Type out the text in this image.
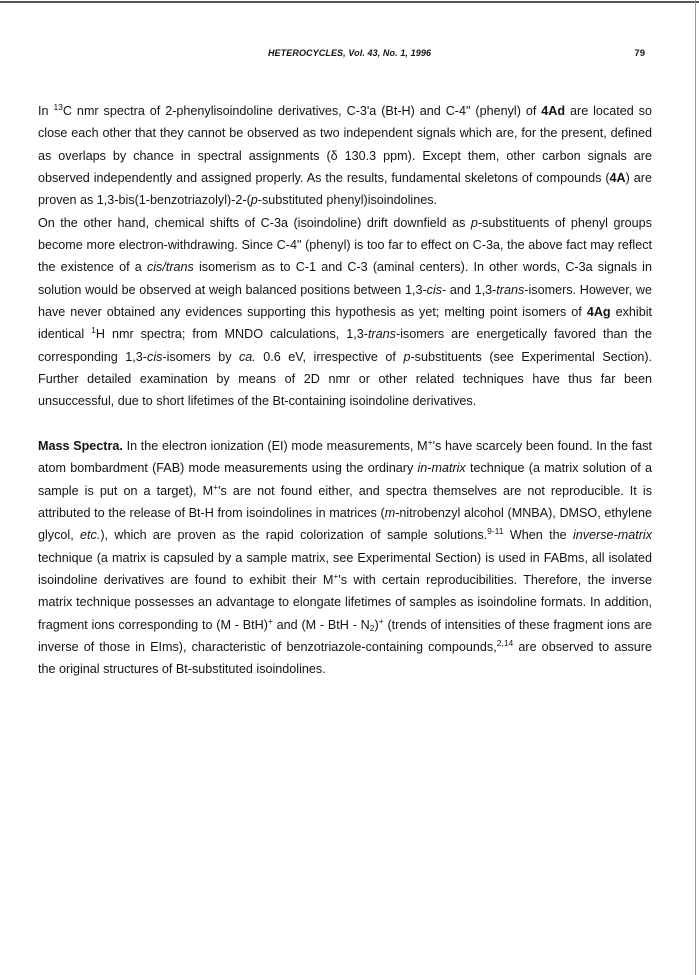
HETEROCYCLES, Vol. 43, No. 1, 1996	79

In $^{13}$C nmr spectra of 2-phenylisoindoline derivatives, C-3'a (Bt-H) and C-4" (phenyl) of 4Ad are located so close each other that they cannot be observed as two independent signals which are, for the present, defined as overlaps by chance in spectral assignments (δ 130.3 ppm). Except them, other carbon signals are observed independently and assigned properly. As the results, fundamental skeletons of compounds (4A) are proven as 1,3-bis(1-benzotriazolyl)-2-(p-substituted phenyl)isoindolines.

On the other hand, chemical shifts of C-3a (isoindoline) drift downfield as p-substituents of phenyl groups become more electron-withdrawing. Since C-4" (phenyl) is too far to effect on C-3a, the above fact may reflect the existence of a cis/trans isomerism as to C-1 and C-3 (aminal centers). In other words, C-3a signals in solution would be observed at weigh balanced positions between 1,3-cis- and 1,3-trans-isomers. However, we have never obtained any evidences supporting this hypothesis as yet; melting point isomers of 4Ag exhibit identical $^1$H nmr spectra; from MNDO calculations, 1,3-trans-isomers are energetically favored than the corresponding 1,3-cis-isomers by ca. 0.6 eV, irrespective of p-substituents (see Experimental Section). Further detailed examination by means of 2D nmr or other related techniques have thus far been unsuccessful, due to short lifetimes of the Bt-containing isoindoline derivatives.

Mass Spectra. In the electron ionization (EI) mode measurements, M+'s have scarcely been found. In the fast atom bombardment (FAB) mode measurements using the ordinary in-matrix technique (a matrix solution of a sample is put on a target), M+'s are not found either, and spectra themselves are not reproducible. It is attributed to the release of Bt-H from isoindolines in matrices (m-nitrobenzyl alcohol (MNBA), DMSO, ethylene glycol, etc.), which are proven as the rapid colorization of sample solutions.$^{9-11}$ When the inverse-matrix technique (a matrix is capsuled by a sample matrix, see Experimental Section) is used in FABms, all isolated isoindoline derivatives are found to exhibit their M+'s with certain reproducibilities. Therefore, the inverse matrix technique possesses an advantage to elongate lifetimes of samples as isoindoline formats. In addition, fragment ions corresponding to (M - BtH)+ and (M - BtH - $N_2)^+$ (trends of intensities of these fragment ions are inverse of those in EIms), characteristic of benzotriazole-containing compounds,$^{2,14}$ are observed to assure the original structures of Bt-substituted isoindolines.
